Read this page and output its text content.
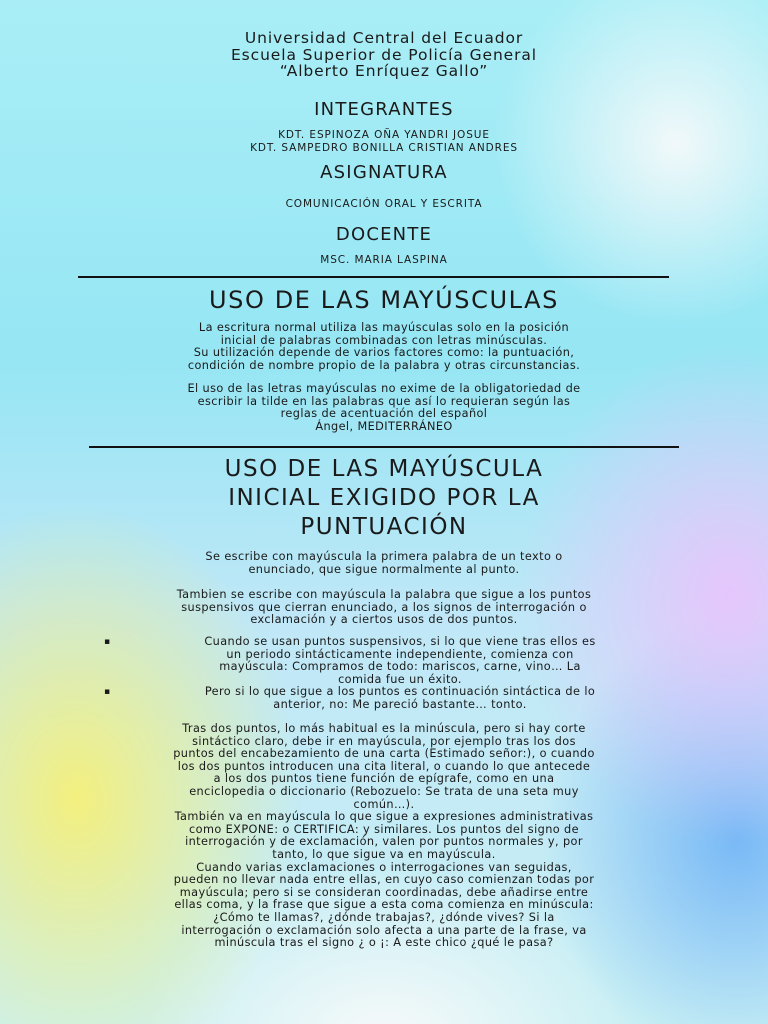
Universidad Central del Ecuador
Escuela Superior de Policía General
“Alberto Enríquez Gallo”
INTEGRANTES
KDT. ESPINOZA OÑA YANDRI JOSUE
KDT. SAMPEDRO BONILLA CRISTIAN ANDRES
ASIGNATURA
COMUNICACIÓN ORAL Y ESCRITA
DOCENTE
MSC. MARIA LASPINA
USO DE LAS MAYÚSCULAS
La escritura normal utiliza las mayúsculas solo en la posición
inicial de palabras combinadas con letras minúsculas.
Su utilización depende de varios factores como: la puntuación,
condición de nombre propio de la palabra y otras circunstancias.
El uso de las letras mayúsculas no exime de la obligatoriedad de
escribir la tilde en las palabras que así lo requieran según las
reglas de acentuación del español
Ángel, MEDITERRÁNEO
USO DE LAS MAYÚSCULA
INICIAL EXIGIDO POR LA
PUNTUACIÓN
Se escribe con mayúscula la primera palabra de un texto o
enunciado, que sigue normalmente al punto.
Tambien se escribe con mayúscula la palabra que sigue a los puntos
suspensivos que cierran enunciado, a los signos de interrogación o
exclamación y a ciertos usos de dos puntos.
▪	Cuando se usan puntos suspensivos, si lo que viene tras ellos es
un periodo sintácticamente independiente, comienza con
mayúscula: Compramos de todo: mariscos, carne, vino… La
comida fue un éxito.
▪	Pero si lo que sigue a los puntos es continuación sintáctica de lo
anterior, no: Me pareció bastante… tonto.
Tras dos puntos, lo más habitual es la minúscula, pero si hay corte
sintáctico claro, debe ir en mayúscula, por ejemplo tras los dos
puntos del encabezamiento de una carta (Estimado señor:), o cuando
los dos puntos introducen una cita literal, o cuando lo que antecede
a los dos puntos tiene función de epígrafe, como en una
enciclopedia o diccionario (Rebozuelo: Se trata de una seta muy
común…).
También va en mayúscula lo que sigue a expresiones administrativas
como EXPONE: o CERTIFICA: y similares. Los puntos del signo de
interrogación y de exclamación, valen por puntos normales y, por
tanto, lo que sigue va en mayúscula.
Cuando varias exclamaciones o interrogaciones van seguidas,
pueden no llevar nada entre ellas, en cuyo caso comienzan todas por
mayúscula; pero si se consideran coordinadas, debe añadirse entre
ellas coma, y la frase que sigue a esta coma comienza en minúscula:
¿Cómo te llamas?, ¿dónde trabajas?, ¿dónde vives? Si la
interrogación o exclamación solo afecta a una parte de la frase, va
minúscula tras el signo ¿ o ¡: A este chico ¿qué le pasa?
